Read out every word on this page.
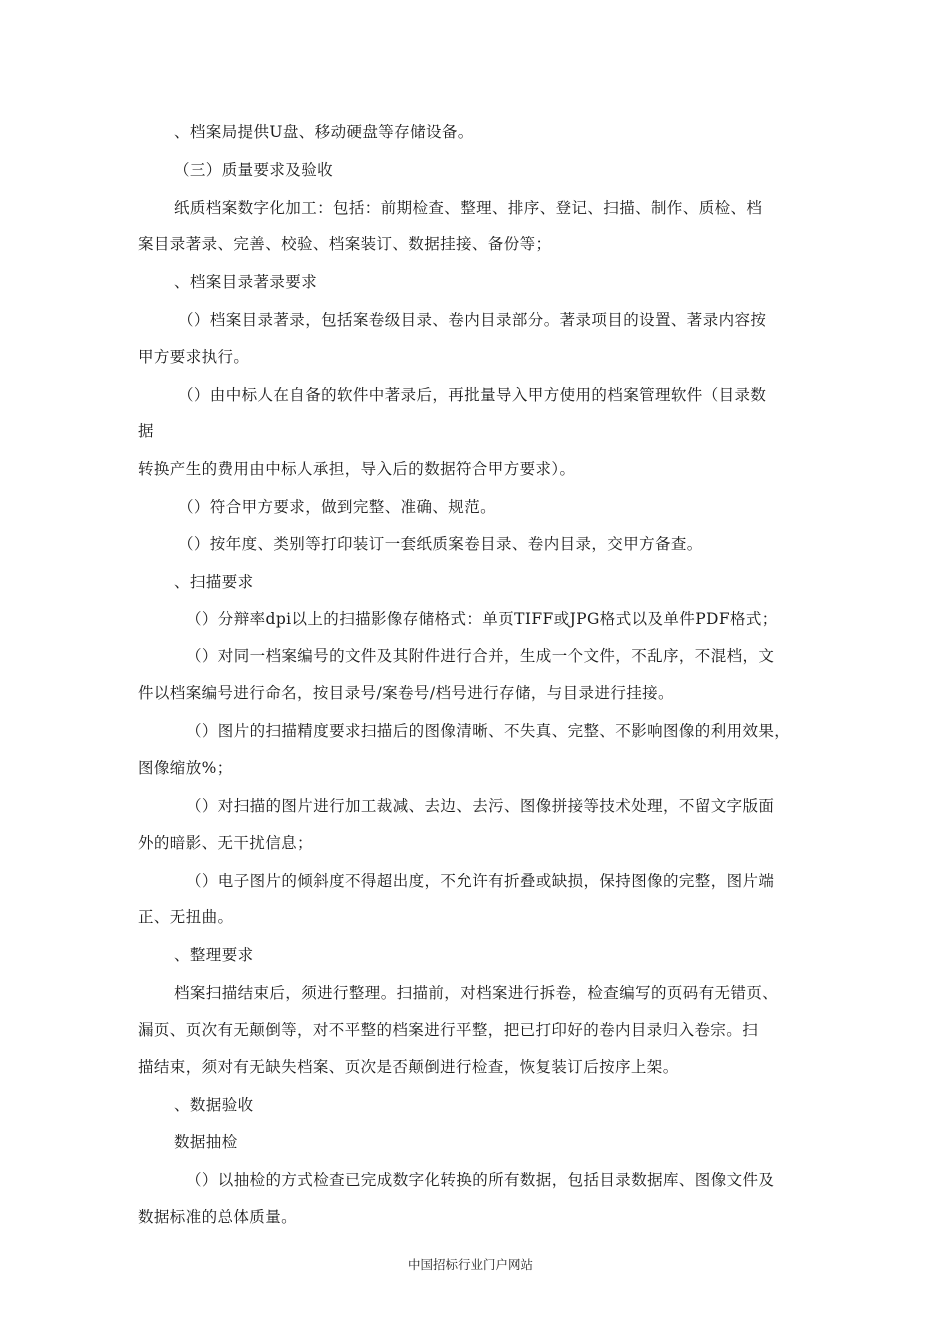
、档案局提供U盘、移动硬盘等存储设备。
（三）质量要求及验收
纸质档案数字化加工：包括：前期检查、整理、排序、登记、扫描、制作、质检、档
案目录著录、完善、校验、档案装订、数据挂接、备份等；
、档案目录著录要求
（）档案目录著录，包括案卷级目录、卷内目录部分。著录项目的设置、著录内容按
甲方要求执行。
（）由中标人在自备的软件中著录后，再批量导入甲方使用的档案管理软件（目录数
据
转换产生的费用由中标人承担，导入后的数据符合甲方要求）。
（）符合甲方要求，做到完整、准确、规范。
（）按年度、类别等打印装订一套纸质案卷目录、卷内目录，交甲方备查。
、扫描要求
（）分辩率dpi以上的扫描影像存储格式：单页TIFF或JPG格式以及单件PDF格式；
（）对同一档案编号的文件及其附件进行合并，生成一个文件，不乱序，不混档，文
件以档案编号进行命名，按目录号/案卷号/档号进行存储，与目录进行挂接。
（）图片的扫描精度要求扫描后的图像清晰、不失真、完整、不影响图像的利用效果，
图像缩放%；
（）对扫描的图片进行加工裁减、去边、去污、图像拼接等技术处理，不留文字版面
外的暗影、无干扰信息；
（）电子图片的倾斜度不得超出度，不允许有折叠或缺损，保持图像的完整，图片端
正、无扭曲。
、整理要求
档案扫描结束后，须进行整理。扫描前，对档案进行拆卷，检查编写的页码有无错页、
漏页、页次有无颠倒等，对不平整的档案进行平整，把已打印好的卷内目录归入卷宗。扫
描结束，须对有无缺失档案、页次是否颠倒进行检查，恢复装订后按序上架。
、数据验收
数据抽检
（）以抽检的方式检查已完成数字化转换的所有数据，包括目录数据库、图像文件及
数据标准的总体质量。
中国招标行业门户网站
